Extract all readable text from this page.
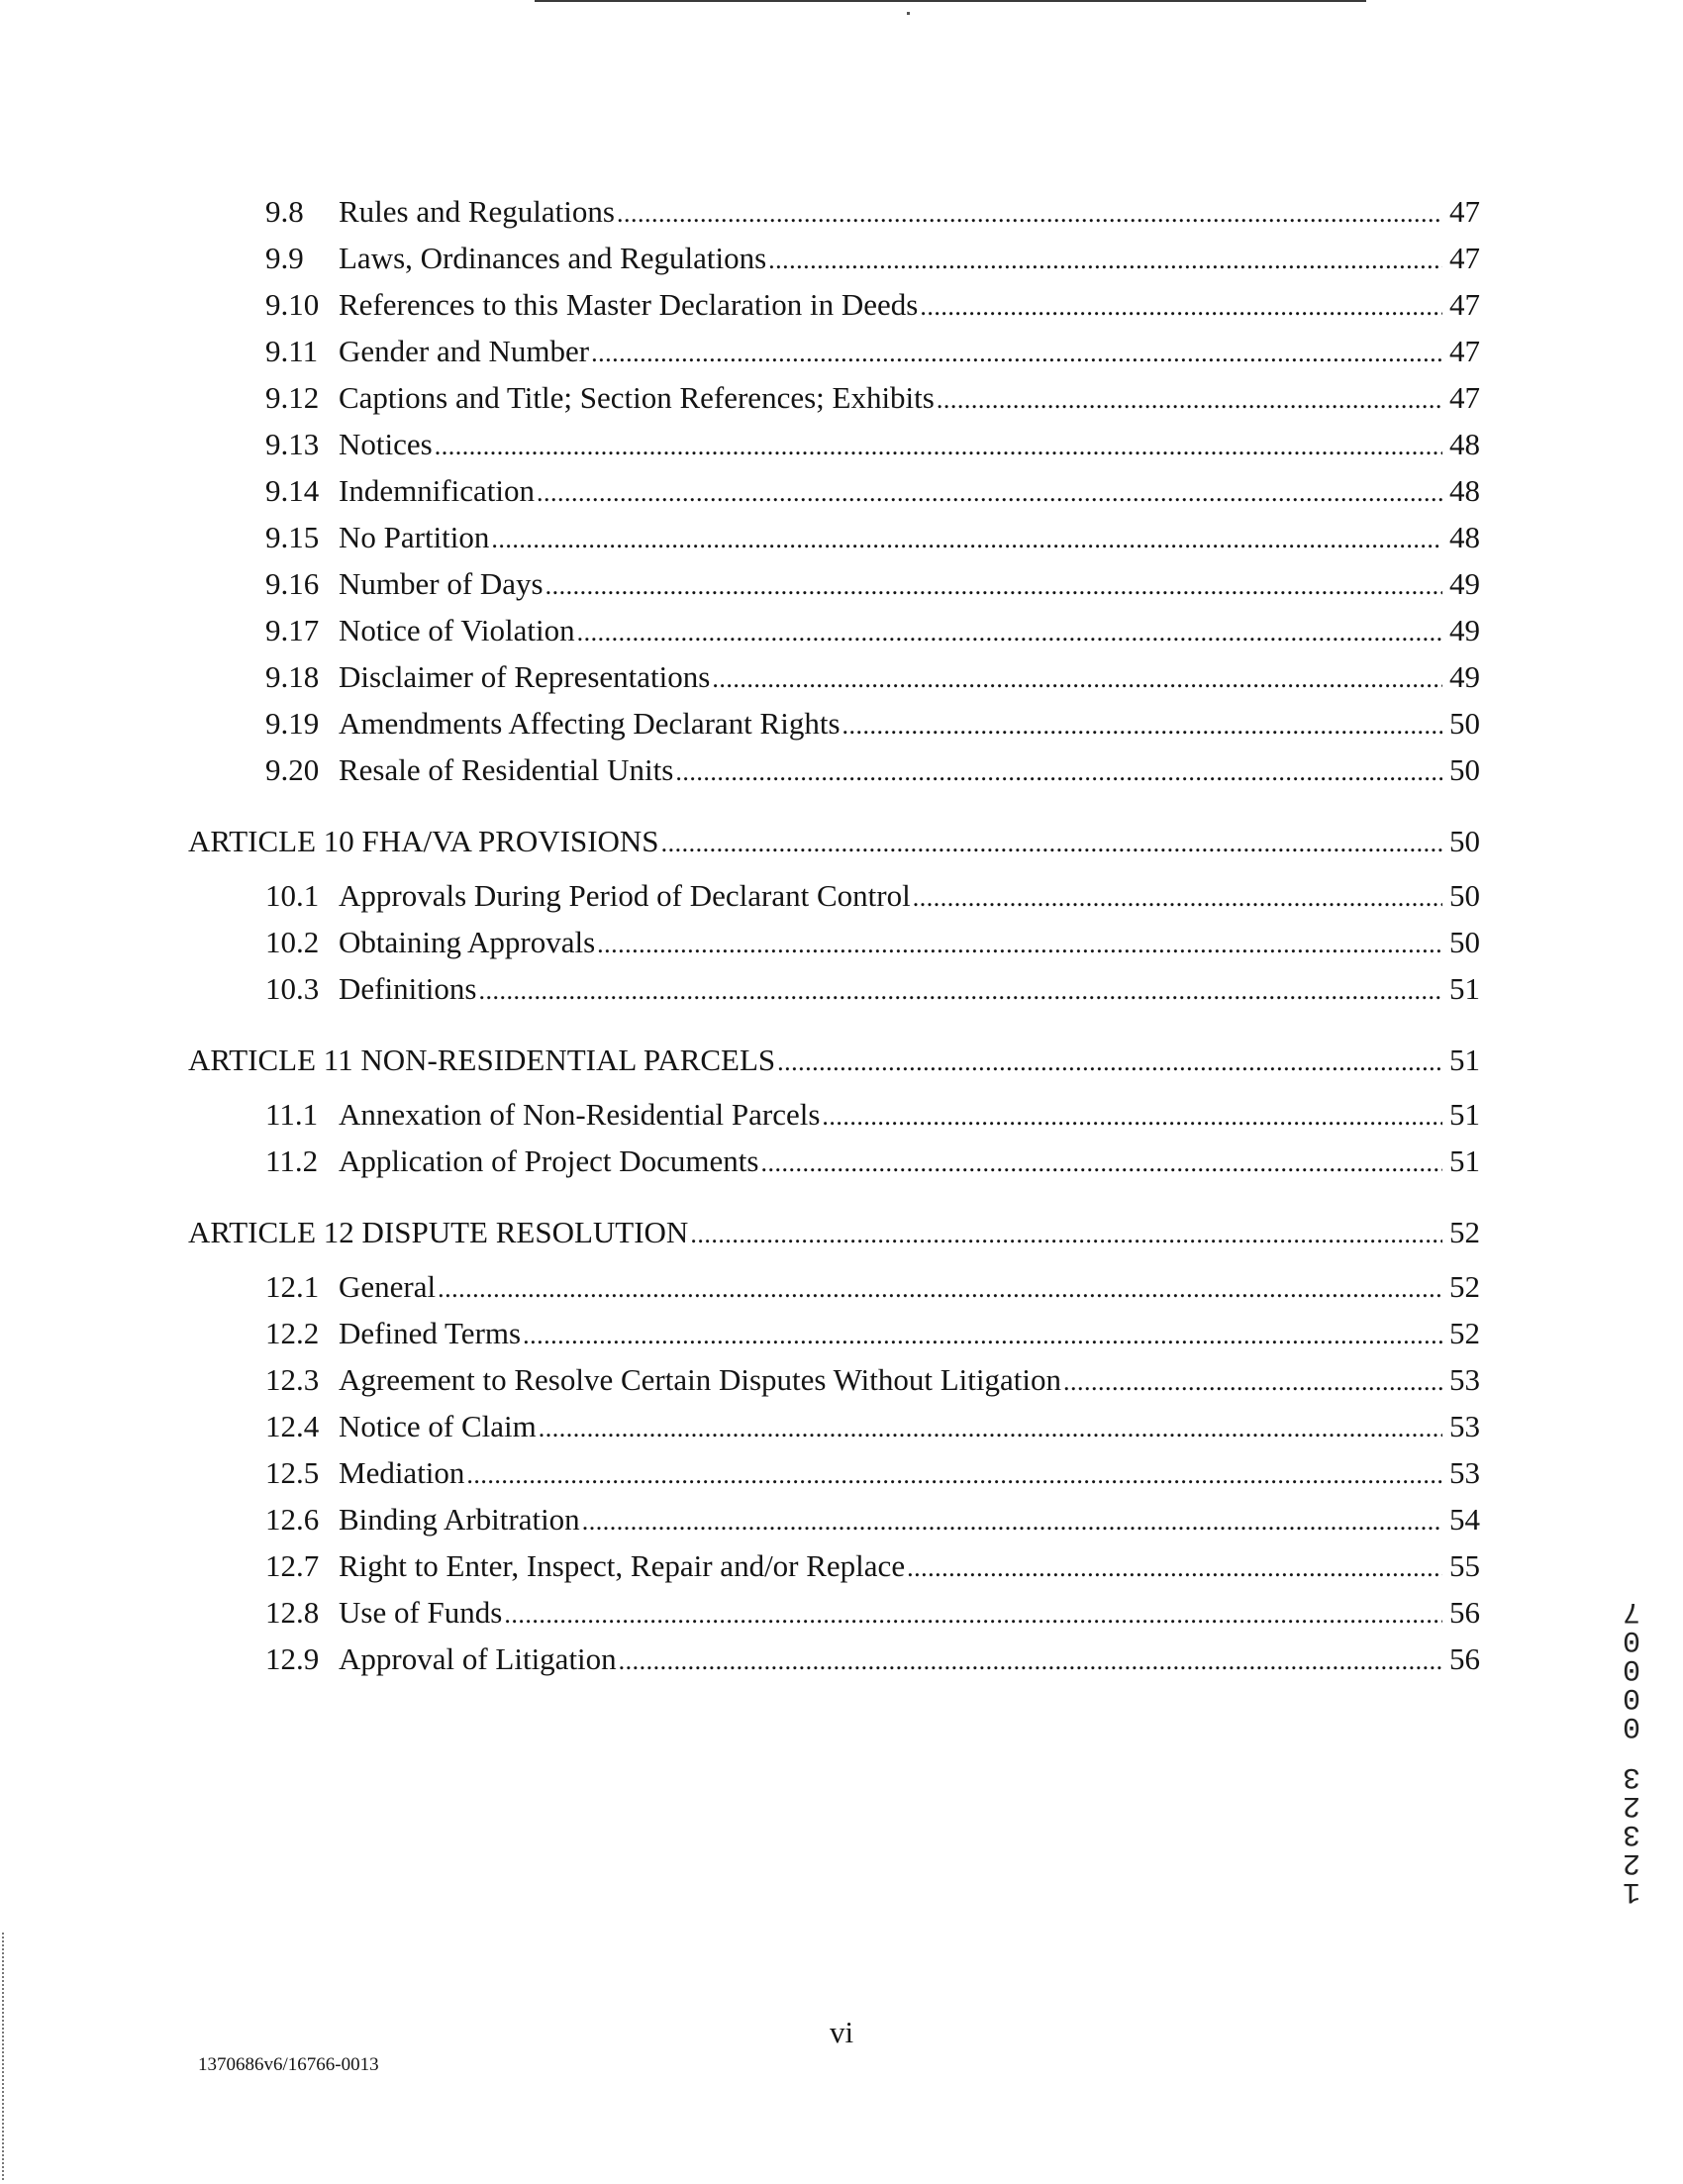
9.8	Rules and Regulations . . .	47
9.9	Laws, Ordinances and Regulations . . .	47
9.10 References to this Master Declaration in Deeds . . .	47
9.11 Gender and Number . . .	47
9.12 Captions and Title; Section References; Exhibits . . .	47
9.13 Notices . . .	48
9.14 Indemnification . . .	48
9.15 No Partition . . .	48
9.16 Number of Days . . .	49
9.17 Notice of Violation . . .	49
9.18 Disclaimer of Representations . . .	49
9.19 Amendments Affecting Declarant Rights . . .	50
9.20 Resale of Residential Units . . .	50
ARTICLE 10 FHA/VA PROVISIONS . . .	50
10.1 Approvals During Period of Declarant Control . . .	50
10.2 Obtaining Approvals . . .	50
10.3 Definitions . . .	51
ARTICLE 11 NON-RESIDENTIAL PARCELS . . .	51
11.1 Annexation of Non-Residential Parcels . . .	51
11.2 Application of Project Documents . . .	51
ARTICLE 12 DISPUTE RESOLUTION . . .	52
12.1 General . . .	52
12.2 Defined Terms . . .	52
12.3 Agreement to Resolve Certain Disputes Without Litigation . . .	53
12.4 Notice of Claim . . .	53
12.5 Mediation . . .	53
12.6 Binding Arbitration . . .	54
12.7 Right to Enter, Inspect, Repair and/or Replace . . .	55
12.8 Use of Funds . . .	56
12.9 Approval of Litigation . . .	56
1
2
3
2
3
0
0
0
0
7
vi
1370686v6/16766-0013
